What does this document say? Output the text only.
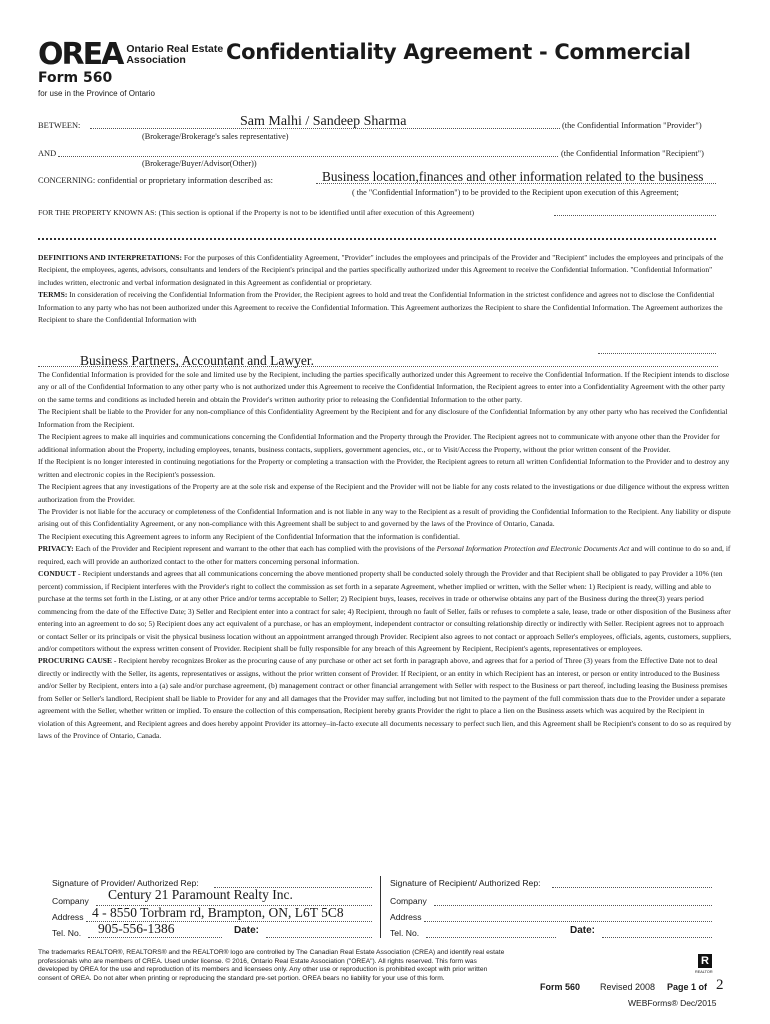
OREA Ontario Real Estate
Association	Confidentiality Agreement - Commercial
Form 560
for use in the Province of Ontario
BETWEEN:	Sam Malhi / Sandeep Sharma	(the Confidential Information "Provider")
(Brokerage/Brokerage's sales representative)
AND	(the Confidential Information "Recipient")
(Brokerage/Buyer/Advisor(Other))
CONCERNING: confidential or proprietary information described as:	Business location,finances and other information related to the business
( the "Confidential Information") to be provided to the Recipient upon execution of this Agreement;
FOR THE PROPERTY KNOWN AS: (This section is optional if the Property is not to be identified until after execution of this Agreement)

DEFINITIONS AND INTERPRETATIONS: For the purposes of this Confidentiality Agreement, "Provider" includes the employees and principals of the Provider and "Recipient" includes the employees and principals of the Recipient, the employees, agents, advisors, consultants and lenders of the Recipient's principal and the parties specifically authorized under this Agreement to receive the Confidential Information. "Confidential Information" includes written, electronic and verbal information designated in this Agreement as confidential or proprietary.

TERMS: In consideration of receiving the Confidential Information from the Provider, the Recipient agrees to hold and treat the Confidential Information in the strictest confidence and agrees not to disclose the Confidential Information to any party who has not been authorized under this Agreement to receive the Confidential Information. This Agreement authorizes the Recipient to share the Confidential Information. The Agreement authorizes the Recipient to share the Confidential Information with

Business Partners, Accountant and Lawyer.

The Confidential Information is provided for the sole and limited use by the Recipient, including the parties specifically authorized under this Agreement to receive the Confidential Information. If the Recipient intends to disclose any or all of the Confidential Information to any other party who is not authorized under this Agreement to receive the Confidential Information, the Recipient agrees to enter into a Confidentiality Agreement with the other party on the same terms and conditions as included herein and obtain the Provider's written authority prior to releasing the Confidential Information to the other party.

The Recipient shall be liable to the Provider for any non-compliance of this Confidentiality Agreement by the Recipient and for any disclosure of the Confidential Information by any other party who has received the Confidential Information from the Recipient.

The Recipient agrees to make all inquiries and communications concerning the Confidential Information and the Property through the Provider. The Recipient agrees not to communicate with anyone other than the Provider for additional information about the Property, including employees, tenants, business contacts, suppliers, government agencies, etc., or to Visit/Access the Property, without the prior written consent of the Provider.

If the Recipient is no longer interested in continuing negotiations for the Property or completing a transaction with the Provider, the Recipient agrees to return all written Confidential Information to the Provider and to destroy any written and electronic copies in the Recipient's possession.

The Recipient agrees that any investigations of the Property are at the sole risk and expense of the Recipient and the Provider will not be liable for any costs related to the investigations or due diligence without the express written authorization from the Provider.

The Provider is not liable for the accuracy or completeness of the Confidential Information and is not liable in any way to the Recipient as a result of providing the Confidential Information to the Recipient. Any liability or dispute arising out of this Confidentiality Agreement, or any non-compliance with this Agreement shall be subject to and governed by the laws of the Province of Ontario, Canada.

The Recipient executing this Agreement agrees to inform any Recipient of the Confidential Information that the information is confidential.

PRIVACY: Each of the Provider and Recipient represent and warrant to the other that each has complied with the provisions of the Personal Information Protection and Electronic Documents Act and will continue to do so and, if required, each will provide an authorized contact to the other for matters concerning personal information.

CONDUCT - Recipient understands and agrees that all communications concerning the above mentioned property shall be conducted solely through the Provider and that Recipient shall be obligated to pay Provider a 10% (ten percent) commission, if Recipient interferes with the Provider's right to collect the commission as set forth in a separate Agreement, whether implied or written, with the Seller when: 1) Recipient is ready, willing and able to purchase at the terms set forth in the Listing, or at any other Price and/or terms acceptable to Seller; 2) Recipient buys, leases, receives in trade or otherwise obtains any part of the Business during the three(3) years period commencing from the date of the Effective Date; 3) Seller and Recipient enter into a contract for sale; 4) Recipient, through no fault of Seller, fails or refuses to complete a sale, lease, trade or other disposition of the Business after entering into an agreement to do so; 5) Recipient does any act equivalent of a purchase, or has an employment, independent contractor or consulting relationship directly or indirectly with Seller. Recipient agrees not to approach or contact Seller or its principals or visit the physical business location without an appointment arranged through Provider. Recipient also agrees to not contact or approach Seller's employees, officials, agents, customers, suppliers, and/or competitors without the express written consent of Provider. Recipient shall be fully responsible for any breach of this Agreement by Recipient, Recipient's agents, representatives or employees.

PROCURING CAUSE - Recipient hereby recognizes Broker as the procuring cause of any purchase or other act set forth in paragraph above, and agrees that for a period of Three (3) years from the Effective Date not to deal directly or indirectly with the Seller, its agents, representatives or assigns, without the prior written consent of Provider. If Recipient, or an entity in which Recipient has an interest, or person or entity introduced to the Business and/or Seller by Recipient, enters into a (a) sale and/or purchase agreement, (b) management contract or other financial arrangement with Seller with respect to the Business or part thereof, including leasing the Business premises from Seller or Seller's landlord, Recipient shall be liable to Provider for any and all damages that the Provider may suffer, including but not limited to the payment of the full commission thats due to the Provider under a separate agreement with the Seller, whether written or implied. To ensure the collection of this compensation, Recipient hereby grants Provider the right to place a lien on the Business assets which was acquired by the Recipient in violation of this Agreement, and Recipient agrees and does hereby appoint Provider its attorney–in-facto execute all documents necessary to perfect such lien, and this Agreement shall be Recipient's consent to do so as required by laws of the Province of Ontario, Canada.

Signature of Provider/ Authorized Rep:
Company Century 21 Paramount Realty Inc.
Address 4 - 8550 Torbram rd, Brampton, ON, L6T 5C8
Tel. No. 905-556-1386	Date:
Signature of Recipient/ Authorized Rep:
Company
Address
Tel. No.	Date:
The trademarks REALTOR®, REALTORS® and the REALTOR® logo are controlled by The Canadian Real Estate Association (CREA) and identify real estate professionals who are members of CREA. Used under license. © 2016, Ontario Real Estate Association ("OREA"). All rights reserved. This form was developed by OREA for the use and reproduction of its members and licensees only. Any other use or reproduction is prohibited except with prior written consent of OREA. Do not alter when printing or reproducing the standard pre-set portion. OREA bears no liability for your use of this form.
Form 560 Revised 2008 Page 1 of 2
WEBForms® Dec/2015
R
REALTOR
